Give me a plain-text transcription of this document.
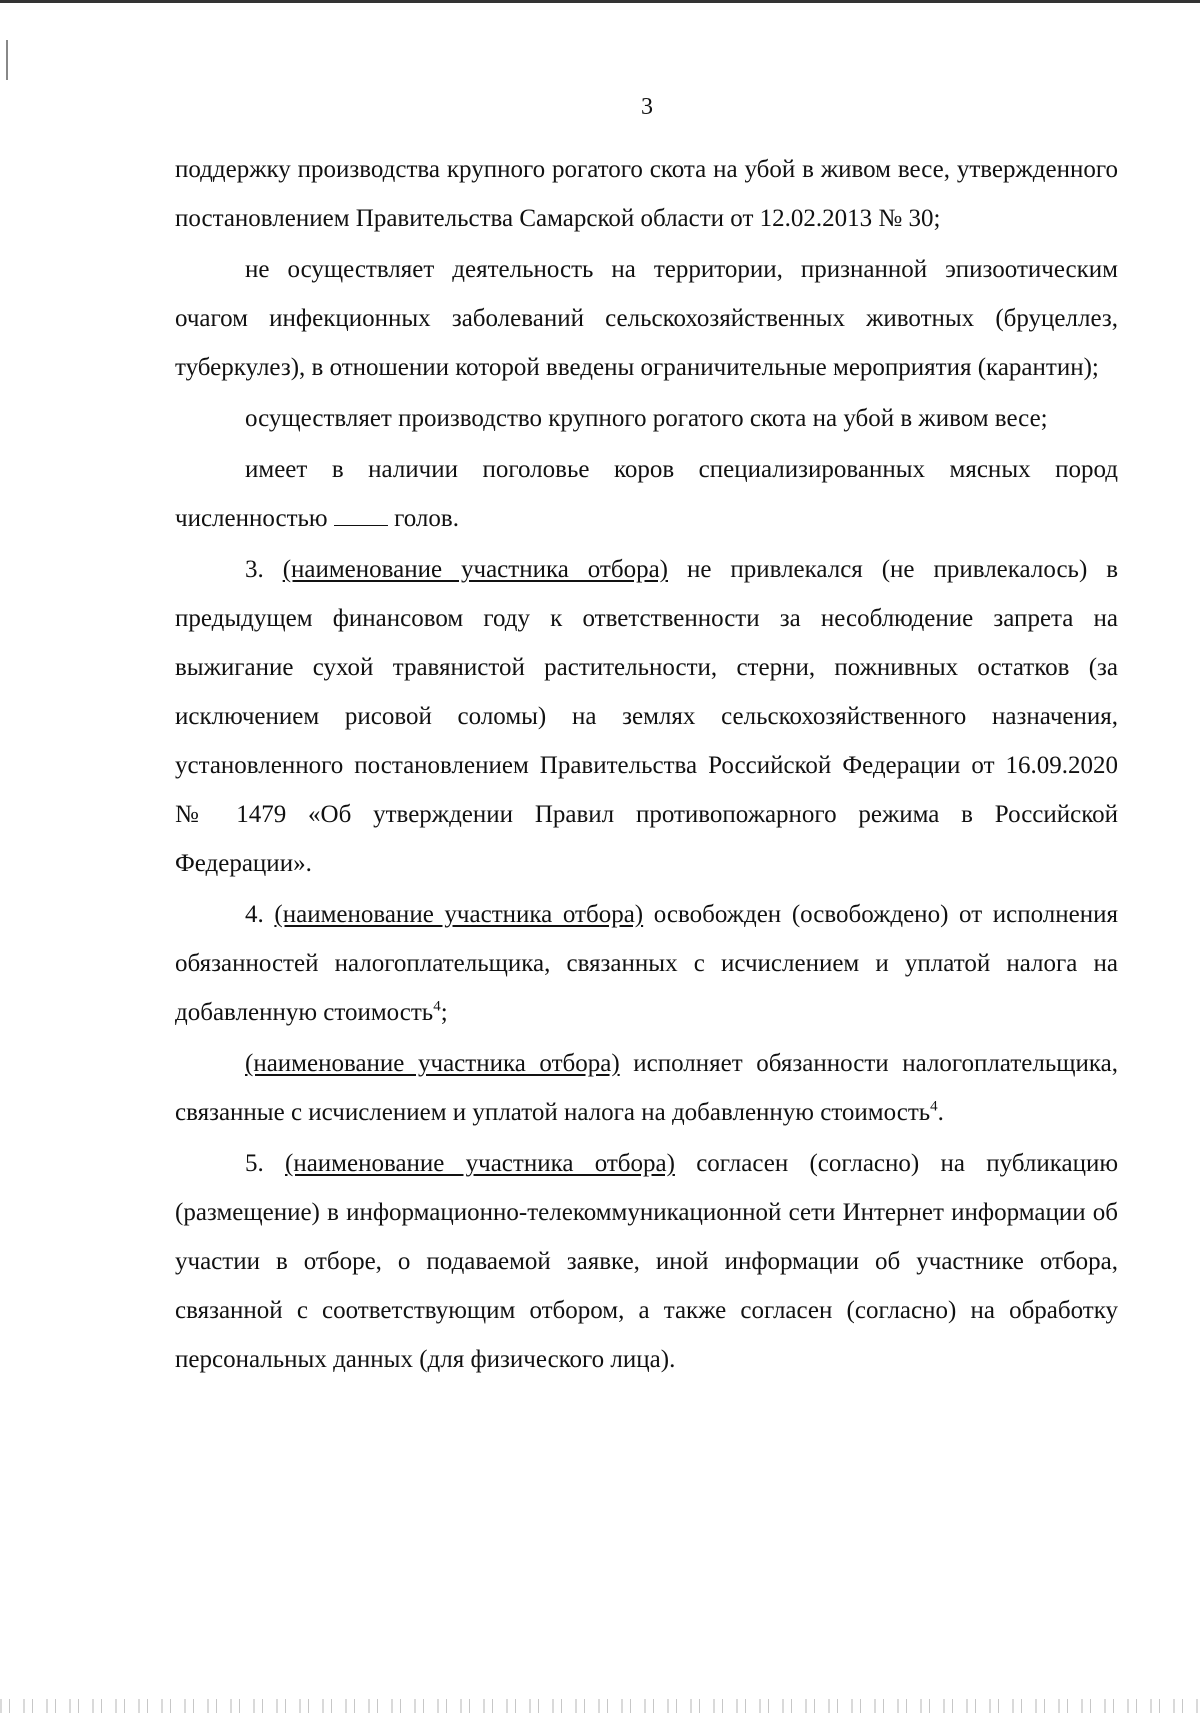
3

поддержку производства крупного рогатого скота на убой в живом весе, утвержденного постановлением Правительства Самарской области от 12.02.2013 № 30;

не осуществляет деятельность на территории, признанной эпизоотическим очагом инфекционных заболеваний сельскохозяйственных животных (бруцеллез, туберкулез), в отношении которой введены ограничительные мероприятия (карантин);

осуществляет производство крупного рогатого скота на убой в живом весе;

имеет в наличии поголовье коров специализированных мясных пород численностью	голов.

3. (наименование участника отбора) не привлекался (не привлекалось) в предыдущем финансовом году к ответственности за несоблюдение запрета на выжигание сухой травянистой растительности, стерни, пожнивных остатков (за исключением рисовой соломы) на землях сельскохозяйственного назначения, установленного постановлением Правительства Российской Федерации от 16.09.2020 № 1479 «Об утверждении Правил противопожарного режима в Российской Федерации».

4. (наименование участника отбора) освобожден (освобождено) от исполнения обязанностей налогоплательщика, связанных с исчислением и уплатой налога на добавленную стоимость$^4$;

(наименование участника отбора) исполняет обязанности налогоплательщика, связанные с исчислением и уплатой налога на добавленную стоимость$^4$.

5. (наименование участника отбора) согласен (согласно) на публикацию (размещение) в информационно-телекоммуникационной сети Интернет информации об участии в отборе, о подаваемой заявке, иной информации об участнике отбора, связанной с соответствующим отбором, а также согласен (согласно) на обработку персональных данных (для физического лица).
